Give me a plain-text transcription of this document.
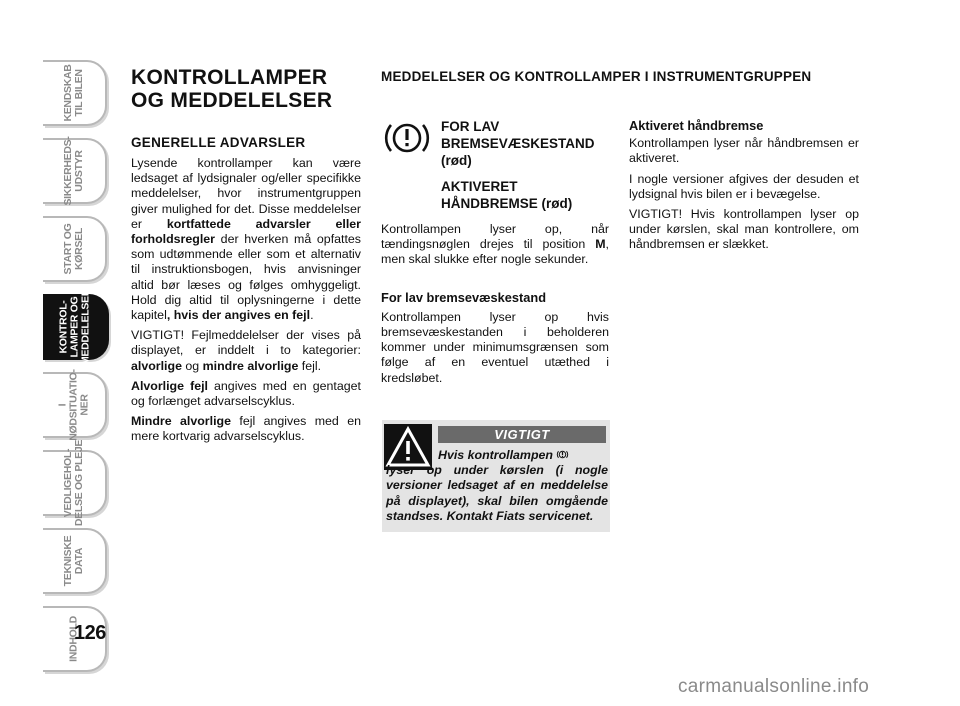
KENDSKAB
TIL BILEN
SIKKERHEDS-
UDSTYR
START OG
KØRSEL
KONTROL-
LAMPER OG
MEDDELELSER
I
NØDSITUATIO-
NER
VEDLIGEHOL-
DELSE OG PLEJE
TEKNISKE
DATA
INDHOLD
126
KONTROLLAMPER
OG MEDDELELSER
GENERELLE ADVARSLER

Lysende kontrollamper kan være ledsaget af lydsignaler og/eller specifikke meddelelser, hvor instrumentgruppen giver mulighed for det. Disse meddelelser er kortfattede advarsler eller forholdsregler der hverken må opfattes som udtømmende eller som et alternativ til instruktionsbogen, hvis anvisninger altid bør læses og følges omhyggeligt. Hold dig altid til oplysningerne i dette kapitel, hvis der angives en fejl.

VIGTIGT! Fejlmeddelelser der vises på displayet, er inddelt i to kategorier: alvorlige og mindre alvorlige fejl.

Alvorlige fejl angives med en gentaget og forlænget advarselscyklus.

Mindre alvorlige fejl angives med en mere kortvarig advarselscyklus.

MEDDELELSER OG KONTROLLAMPER I INSTRUMENTGRUPPEN
FOR LAV
BREMSEVÆSKESTAND
(rød)
AKTIVERET
HÅNDBREMSE (rød)

Kontrollampen lyser op, når tændingsnøglen drejes til position M, men skal slukke efter nogle sekunder.

For lav bremsevæskestand

Kontrollampen lyser op hvis bremsevæskestanden i beholderen kommer under minimumsgrænsen som følge af en eventuel utæthed i kredsløbet.

VIGTIGT
Hvis kontrollampen
lyser op under kørslen (i nogle versioner ledsaget af en meddelelse på displayet), skal bilen omgående standses. Kontakt Fiats servicenet.

Aktiveret håndbremse

Kontrollampen lyser når håndbremsen er aktiveret.

I nogle versioner afgives der desuden et lydsignal hvis bilen er i bevægelse.

VIGTIGT! Hvis kontrollampen lyser op under kørslen, skal man kontrollere, om håndbremsen er slækket.

carmanualsonline.info
